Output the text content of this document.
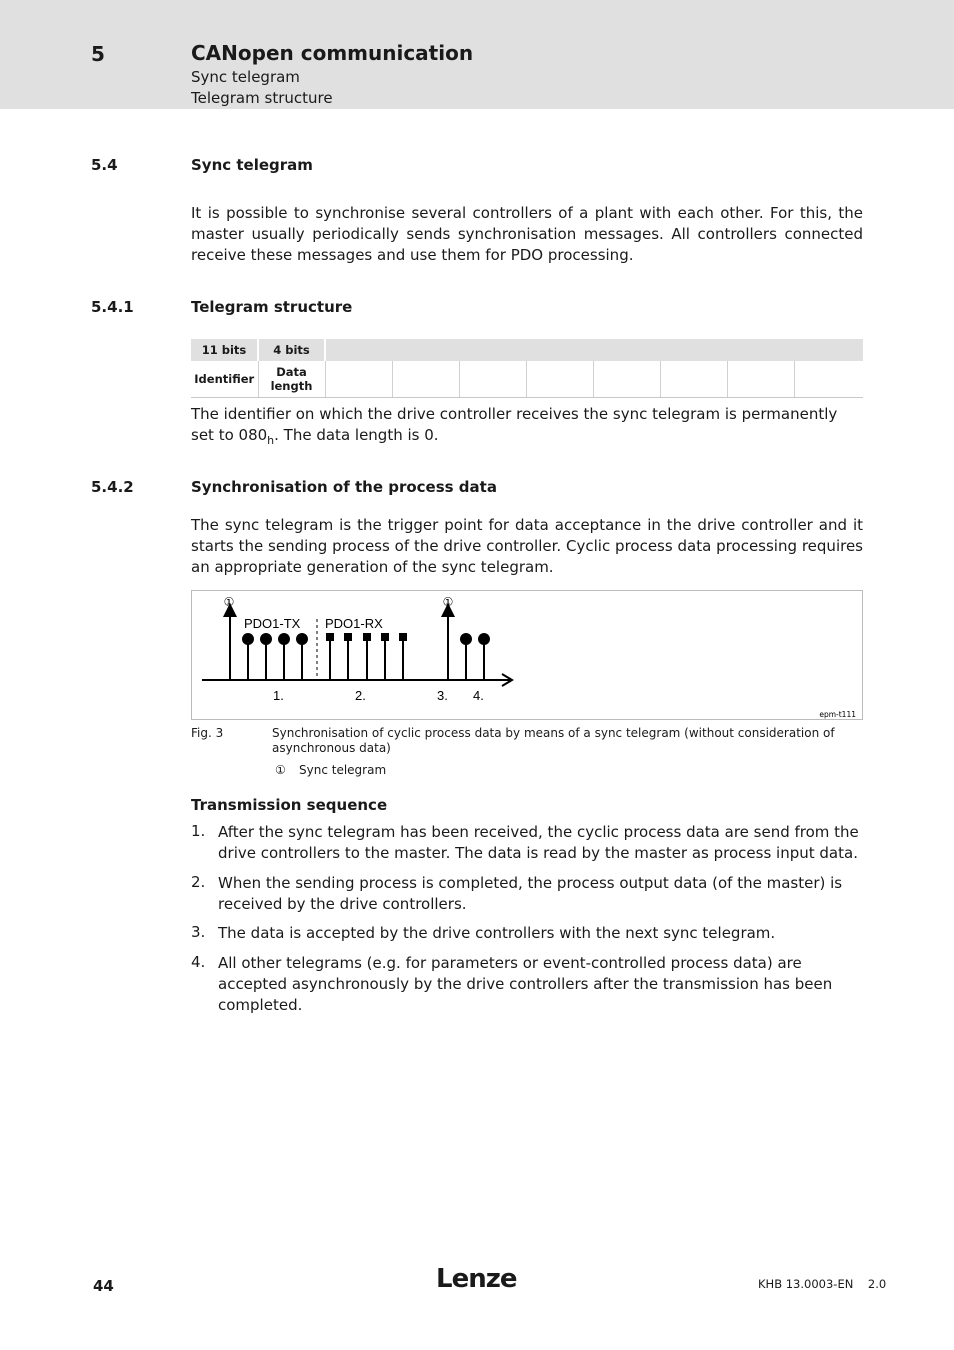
5	CANopen communication
Sync telegram
Telegram structure
5.4	Sync telegram

It is possible to synchronise several controllers of a plant with each other. For this, the master usually periodically sends synchronisation messages. All controllers connected receive these messages and use them for PDO processing.

5.4.1	Telegram structure
11 bits	4 bits								
Identifier	Data length								

The identifier on which the drive controller receives the sync telegram is permanently set to $080_h$. The data length is 0.

5.4.2	Synchronisation of the process data

The sync telegram is the trigger point for data acceptance in the drive controller and it starts the sending process of the drive controller. Cyclic process data processing requires an appropriate generation of the sync telegram.

①	①
PDO1-TX PDO1-RX
1.	2.	3. 4.
epm-t111
Fig. 3	Synchronisation of cyclic process data by means of a sync telegram (without consideration of asynchronous data)
① Sync telegram
Transmission sequence
1. After the sync telegram has been received, the cyclic process data are send from the drive controllers to the master. The data is read by the master as process input data.

2. When the sending process is completed, the process output data (of the master) is received by the drive controllers.

3. The data is accepted by the drive controllers with the next sync telegram.

4. All other telegrams (e.g. for parameters or event-controlled process data) are accepted asynchronously by the drive controllers after the transmission has been completed.

44	Lenze	KHB 13.0003-EN    2.0
